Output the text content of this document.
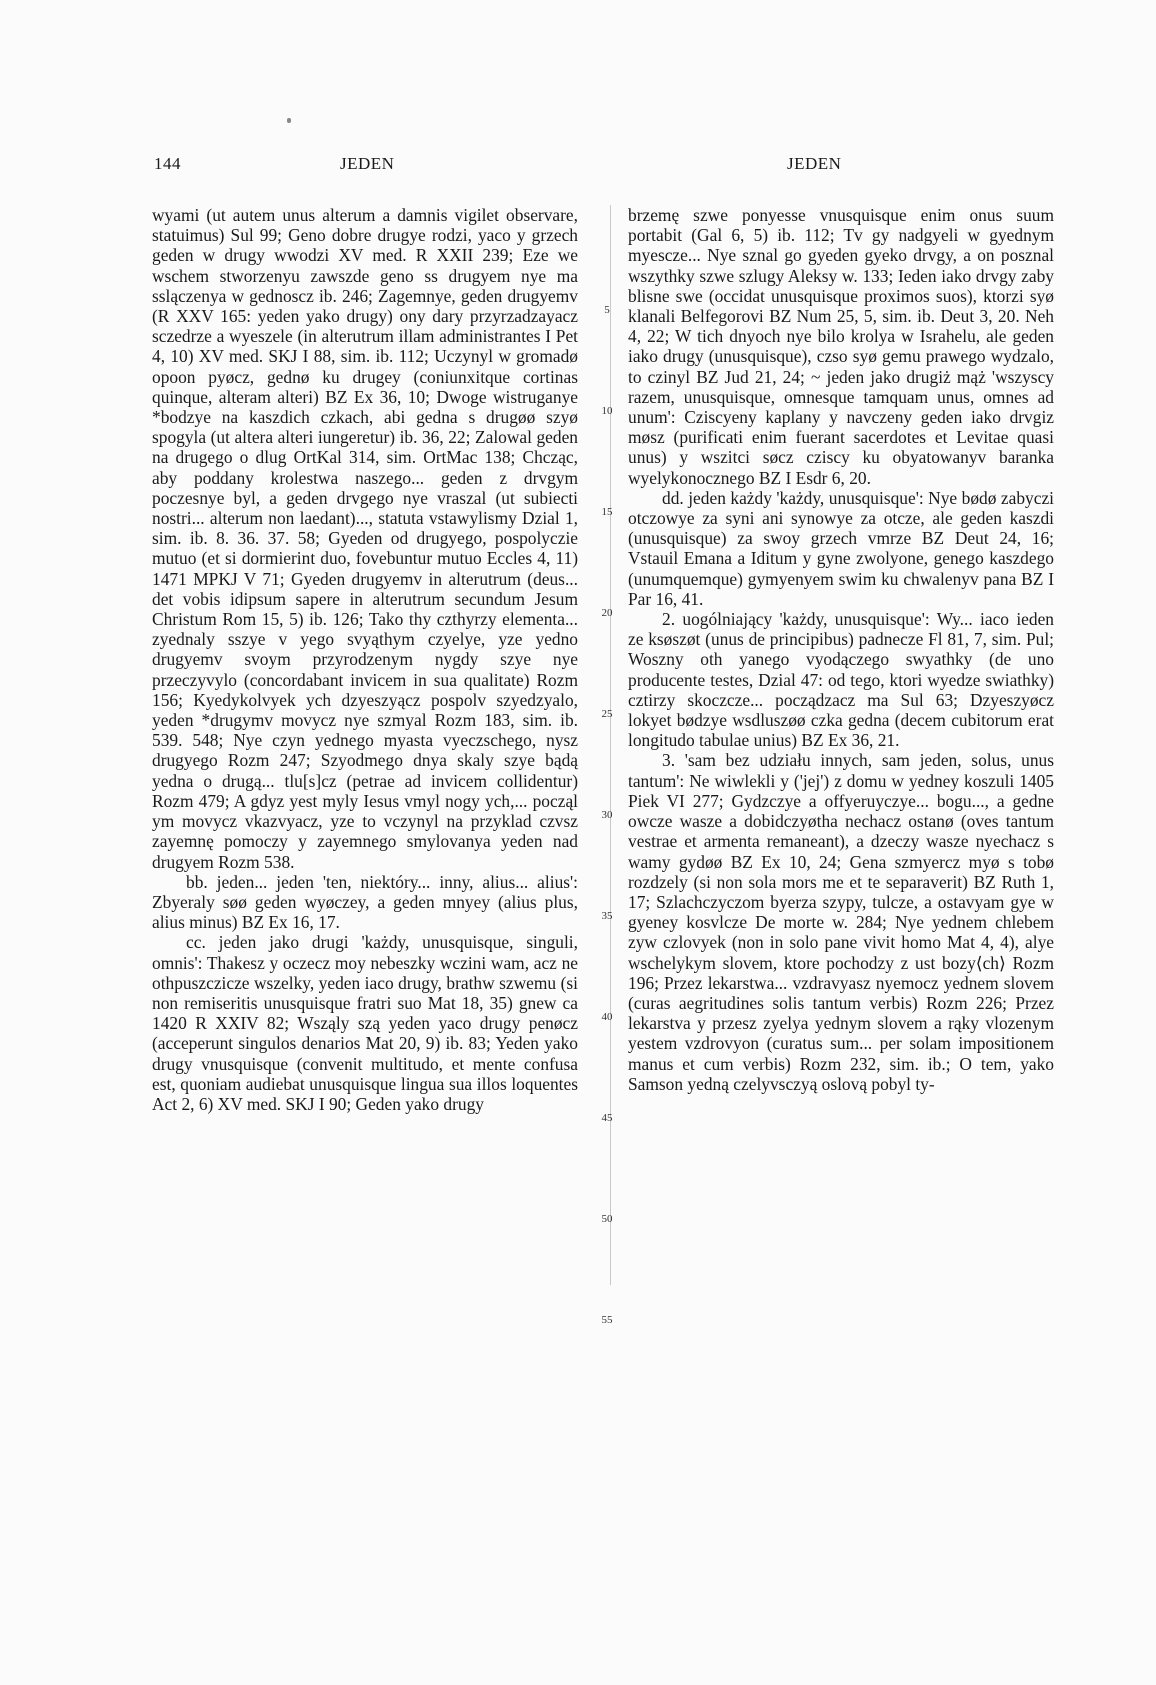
144	JEDEN	JEDEN
5
10
15
20
25
30
35
40
45
50
55

wyami (ut autem unus alterum a damnis vigilet observare, statuimus) Sul 99; Geno dobre drugye rodzi, yaco y grzech geden w drugy wwodzi XV med. R XXII 239; Eze we wschem stworzenyu zawszde geno ss drugyem nye ma sslączenya w gednoscz ib. 246; Zagemnye, geden drugyemv (R XXV 165: yeden yako drugy) ony dary przyrzadzayacz sczedrze a wyeszele (in alterutrum illam administrantes I Pet 4, 10) XV med. SKJ I 88, sim. ib. 112; Uczynyl w gromadø opoon pyøcz, gednø ku drugey (coniunxitque cortinas quinque, alteram alteri) BZ Ex 36, 10; Dwoge wistruganye *bodzye na kaszdich czkach, abi gedna s drugøø szyø spogyla (ut altera alteri iungeretur) ib. 36, 22; Zalowal geden na drugego o dlug OrtKal 314, sim. OrtMac 138; Chcząc, aby poddany krolestwa naszego... geden z drvgym poczesnye byl, a geden drvgego nye vraszal (ut subiecti nostri... alterum non laedant)..., statuta vstawylismy Dzial 1, sim. ib. 8. 36. 37. 58; Gyeden od drugyego, pospolyczie mutuo (et si dormierint duo, fovebuntur mutuo Eccles 4, 11) 1471 MPKJ V 71; Gyeden drugyemv in alterutrum (deus... det vobis idipsum sapere in alterutrum secundum Jesum Christum Rom 15, 5) ib. 126; Tako thy czthyrzy elementa... zyednaly sszye v yego svyąthym czyelye, yze yedno drugyemv svoym przyrodzenym nygdy szye nye przeczyvylo (concordabant invicem in sua qualitate) Rozm 156; Kyedykolvyek ych dzyeszyącz pospolv szyedzyalo, yeden *drugymv movycz nye szmyal Rozm 183, sim. ib. 539. 548; Nye czyn yednego myasta vyeczschego, nysz drugyego Rozm 247; Szyodmego dnya skaly szye bądą yedna o drugą... tlu[s]cz (petrae ad invicem collidentur) Rozm 479; A gdyz yest myly Iesus vmyl nogy ych,... począl ym movycz vkazvyacz, yze to vczynyl na przyklad czvsz zayemnę pomoczy y zayemnego smylovanya yeden nad drugyem Rozm 538.

bb. jeden... jeden 'ten, niektóry... inny, alius... alius': Zbyeraly søø geden wyøczey, a geden mnyey (alius plus, alius minus) BZ Ex 16, 17.

cc. jeden jako drugi 'każdy, unusquisque, singuli, omnis': Thakesz y oczecz moy nebeszky wczini wam, acz ne othpuszczicze wszelky, yeden iaco drugy, brathw szwemu (si non remiseritis unusquisque fratri suo Mat 18, 35) gnew ca 1420 R XXIV 82; Wsząly szą yeden yaco drugy penøcz (acceperunt singulos denarios Mat 20, 9) ib. 83; Yeden yako drugy vnusquisque (convenit multitudo, et mente confusa est, quoniam audiebat unusquisque lingua sua illos loquentes Act 2, 6) XV med. SKJ I 90; Geden yako drugy

brzemę szwe ponyesse vnusquisque enim onus suum portabit (Gal 6, 5) ib. 112; Tv gy nadgyeli w gyednym myescze... Nye sznal go gyeden gyeko drvgy, a on posznal wszythky szwe szlugy Aleksy w. 133; Ieden iako drvgy zaby blisne swe (occidat unusquisque proximos suos), ktorzi syø klanali Belfegorovi BZ Num 25, 5, sim. ib. Deut 3, 20. Neh 4, 22; W tich dnyoch nye bilo krolya w Israhelu, ale geden iako drugy (unusquisque), czso syø gemu prawego wydzalo, to czinyl BZ Jud 21, 24; ~ jeden jako drugiż mąż 'wszyscy razem, unusquisque, omnesque tamquam unus, omnes ad unum': Cziscyeny kaplany y navczeny geden iako drvgiz møsz (purificati enim fuerant sacerdotes et Levitae quasi unus) y wszitci søcz cziscy ku obyatowanyv baranka wyelykonocznego BZ I Esdr 6, 20.

dd. jeden każdy 'każdy, unusquisque': Nye bødø zabyczi otczowye za syni ani synowye za otcze, ale geden kaszdi (unusquisque) za swoy grzech vmrze BZ Deut 24, 16; Vstauil Emana a Iditum y gyne zwolyone, genego kaszdego (unumquemque) gymyenyem swim ku chwalenyv pana BZ I Par 16, 41.

2. uogólniający 'każdy, unusquisque': Wy... iaco ieden ze ksøszøt (unus de principibus) padnecze Fl 81, 7, sim. Pul; Woszny oth yanego vyodączego swyathky (de uno producente testes, Dzial 47: od tego, ktori wyedze swiathky) cztirzy skoczcze... począdzacz ma Sul 63; Dzyeszyøcz lokyet bødzye wsdluszøø czka gedna (decem cubitorum erat longitudo tabulae unius) BZ Ex 36, 21.

3. 'sam bez udziału innych, sam jeden, solus, unus tantum': Ne wiwlekli y ('jej') z domu w yedney koszuli 1405 Piek VI 277; Gydzczye a offyeruyczye... bogu..., a gedne owcze wasze a dobidczyøtha nechacz ostanø (oves tantum vestrae et armenta remaneant), a dzeczy wasze nyechacz s wamy gydøø BZ Ex 10, 24; Gena szmyercz myø s tobø rozdzely (si non sola mors me et te separaverit) BZ Ruth 1, 17; Szlachczyczom byerza szypy, tulcze, a ostavyam gye w gyeney kosvlcze De morte w. 284; Nye yednem chlebem zyw czlovyek (non in solo pane vivit homo Mat 4, 4), alye wschelykym slovem, ktore pochodzy z ust bozy⟨ch⟩ Rozm 196; Przez lekarstwa... vzdravyasz nyemocz yednem slovem (curas aegritudines solis tantum verbis) Rozm 226; Przez lekarstva y przesz zyelya yednym slovem a rąky vlozenym yestem vzdrovyon (curatus sum... per solam impositionem manus et cum verbis) Rozm 232, sim. ib.; O tem, yako Samson yedną czelyvsczyą oslovą pobyl ty-
